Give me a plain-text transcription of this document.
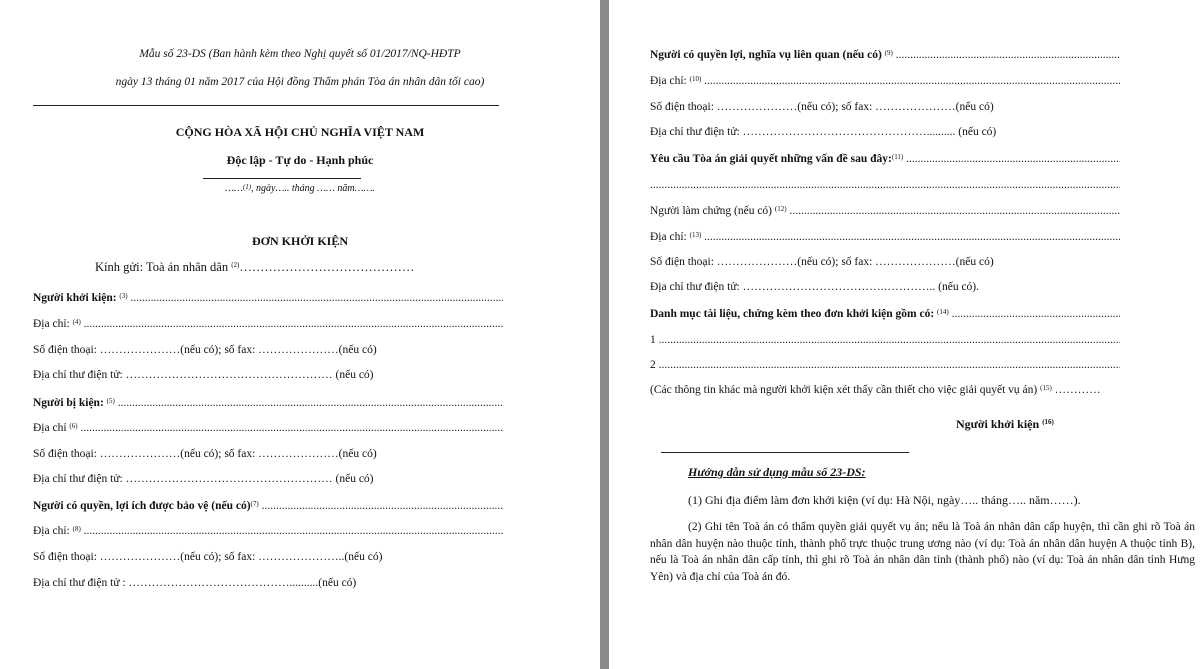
Mẫu số 23-DS (Ban hành kèm theo Nghị quyết số 01/2017/NQ-HĐTP
ngày 13 tháng 01 năm 2017 của Hội đồng Thẩm phán Tòa án nhân dân tối cao)
CỘNG HÒA XÃ HỘI CHỦ NGHĨA VIỆT NAM
Độc lập - Tự do - Hạnh phúc
……$^{(1)}$, ngày….. tháng …… năm…….
ĐƠN KHỞI KIỆN
Kính gửi: Toà án nhân dân $^{(2)}$……………………………………
Người khởi kiện: $^{(3)}$ .....
Địa chỉ: $^{(4)}$ .....
Số điện thoại: …………………(nếu có); số fax: …………………(nếu có)
Địa chỉ thư điện tử: ……………………………………………… (nếu có)
Người bị kiện: $^{(5)}$ .....
Địa chỉ $^{(6)}$ .....
Số điện thoại: …………………(nếu có); số fax: …………………(nếu có)
Địa chỉ thư điện tử: ……………………………………………… (nếu có)
Người có quyền, lợi ích được bảo vệ (nếu có)$^{(7)}$ .....
Địa chỉ: $^{(8)}$ .....
Số điện thoại: …………………(nếu có); số fax: …………………..(nếu có)
Địa chỉ thư điện tử : ……………………………………..........(nếu có)
Người có quyền lợi, nghĩa vụ liên quan (nếu có) $^{(9)}$ .....
Địa chỉ: $^{(10)}$ .....
Số điện thoại: …………………(nếu có); số fax: …………………(nếu có)
Địa chỉ thư điện tử: ………………………………………….......... (nếu có)
Yêu cầu Tòa án giải quyết những vấn đề sau đây:$^{(11)}$ .....
.....
Người làm chứng (nếu có) $^{(12)}$ .....
Địa chỉ: $^{(13)}$ .....
Số điện thoại: …………………(nếu có); số fax: …………………(nếu có)
Địa chỉ thư điện tử: ……………………………….………….. (nếu có).
Danh mục tài liệu, chứng kèm theo đơn khởi kiện gồm có: $^{(14)}$ .....
1 .....
2 .....
(Các thông tin khác mà người khởi kiện xét thấy cần thiết cho việc giải quyết vụ án) $^{(15)}$ …………
Người khởi kiện $^{(16)}$
Hướng dẫn sử dụng mẫu số 23-DS:
(1) Ghi địa điểm làm đơn khởi kiện (ví dụ: Hà Nội, ngày….. tháng….. năm……).
(2) Ghi tên Toà án có thẩm quyền giải quyết vụ án; nếu là Toà án nhân dân cấp huyện, thì cần ghi rõ Toà án nhân dân huyện nào thuộc tỉnh, thành phố trực thuộc trung ương nào (ví dụ: Toà án nhân dân huyện A thuộc tỉnh B), nếu là Toà án nhân dân cấp tỉnh, thì ghi rõ Toà án nhân dân tỉnh (thành phố) nào (ví dụ: Toà án nhân dân tỉnh Hưng Yên) và địa chỉ của Toà án đó.
